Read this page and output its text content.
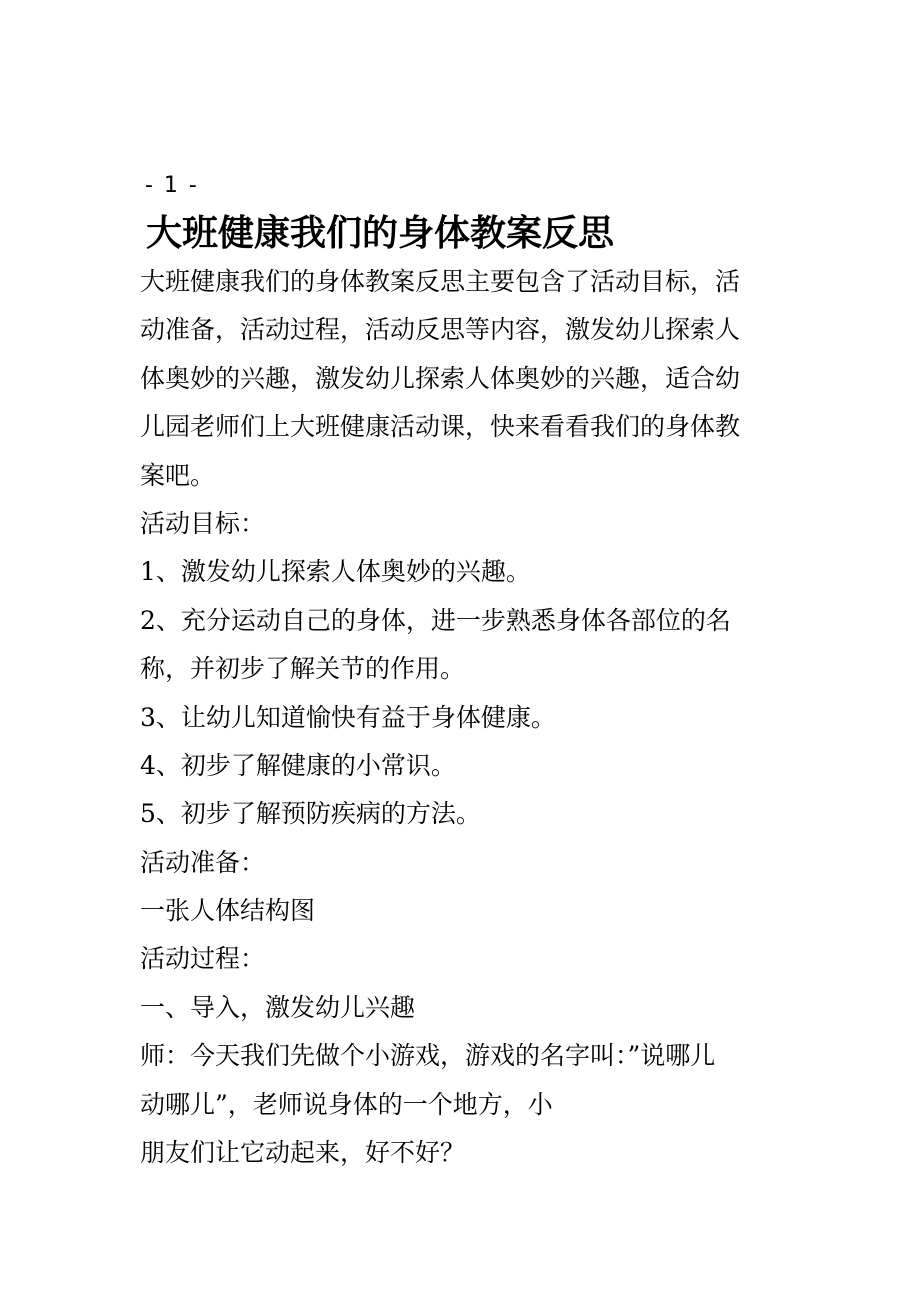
- 1 -
大班健康我们的身体教案反思
大班健康我们的身体教案反思主要包含了活动目标，活
动准备，活动过程，活动反思等内容，激发幼儿探索人
体奥妙的兴趣，激发幼儿探索人体奥妙的兴趣，适合幼
儿园老师们上大班健康活动课，快来看看我们的身体教
案吧。
活动目标：
1、激发幼儿探索人体奥妙的兴趣。
2、充分运动自己的身体，进一步熟悉身体各部位的名
称，并初步了解关节的作用。
3、让幼儿知道愉快有益于身体健康。
4、初步了解健康的小常识。
5、初步了解预防疾病的方法。
活动准备：
一张人体结构图
活动过程：
一、导入，激发幼儿兴趣
师：今天我们先做个小游戏，游戏的名字叫：”说哪儿
动哪儿”，老师说身体的一个地方，小
朋友们让它动起来，好不好？
